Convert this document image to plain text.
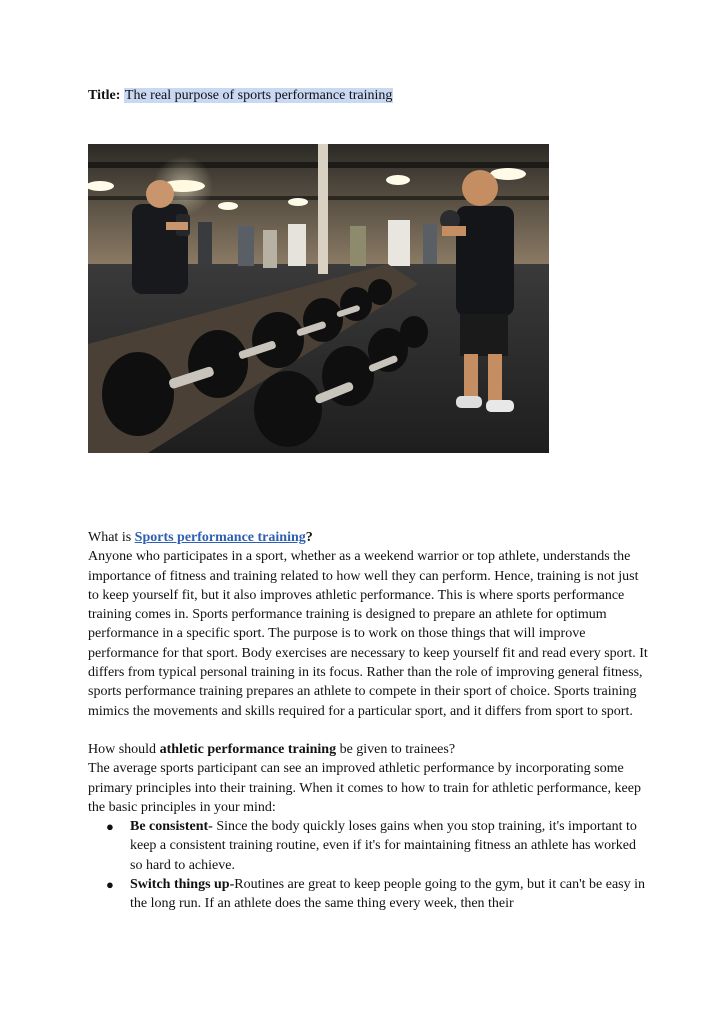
Title: The real purpose of sports performance training

What is Sports performance training?

Anyone who participates in a sport, whether as a weekend warrior or top athlete, understands the importance of fitness and training related to how well they can perform. Hence, training is not just to keep yourself fit, but it also improves athletic performance. This is where sports performance training comes in. Sports performance training is designed to prepare an athlete for optimum performance in a specific sport. The purpose is to work on those things that will improve performance for that sport. Body exercises are necessary to keep yourself fit and read every sport. It differs from typical personal training in its focus. Rather than the role of improving general fitness, sports performance training prepares an athlete to compete in their sport of choice. Sports training mimics the movements and skills required for a particular sport, and it differs from sport to sport.

How should athletic performance training be given to trainees?

The average sports participant can see an improved athletic performance by incorporating some primary principles into their training. When it comes to how to train for athletic performance, keep the basic principles in your mind:

● Be consistent- Since the body quickly loses gains when you stop training, it's important to keep a consistent training routine, even if it's for maintaining fitness an athlete has worked so hard to achieve.
● Switch things up-Routines are great to keep people going to the gym, but it can't be easy in the long run. If an athlete does the same thing every week, then their
